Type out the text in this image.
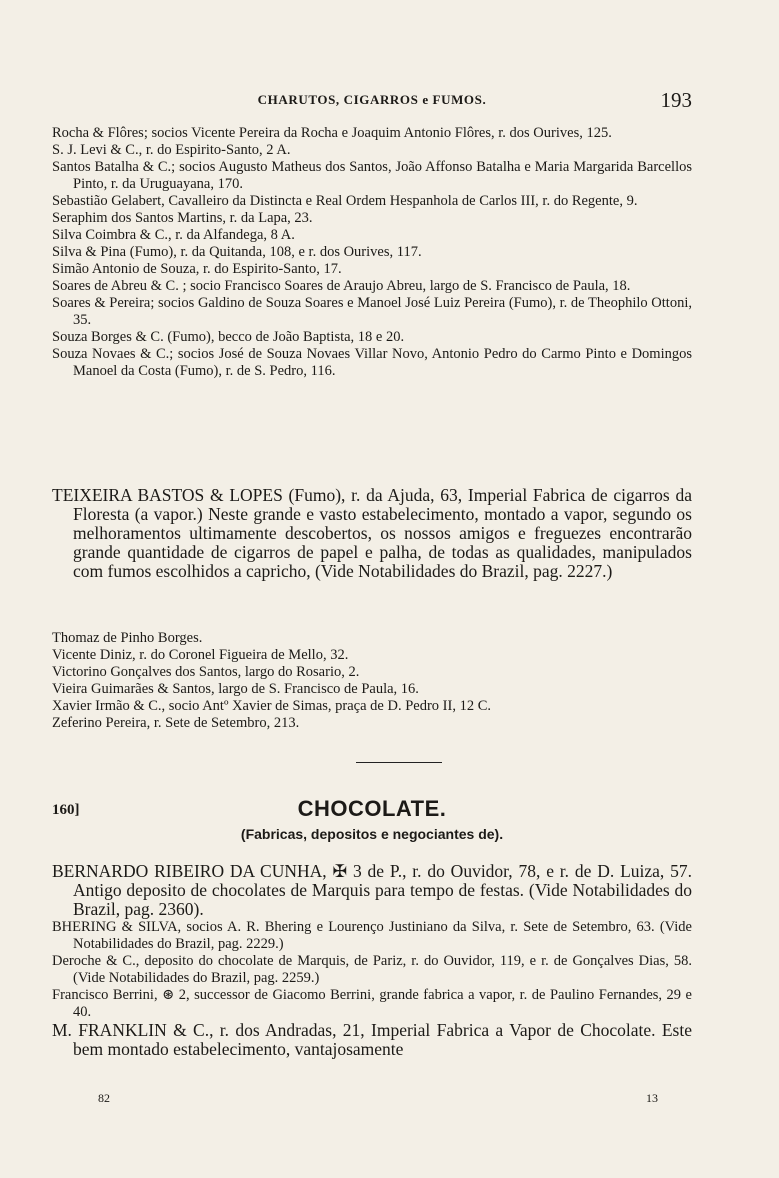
CHARUTOS, CIGARROS e FUMOS.	193
Rocha & Flôres; socios Vicente Pereira da Rocha e Joaquim Antonio Flôres, r. dos Ourives, 125.
S. J. Levi & C., r. do Espirito-Santo, 2 A.
Santos Batalha & C.; socios Augusto Matheus dos Santos, João Affonso Batalha e Maria Margarida Barcellos Pinto, r. da Uruguayana, 170.
Sebastião Gelabert, Cavalleiro da Distincta e Real Ordem Hespanhola de Carlos III, r. do Regente, 9.
Seraphim dos Santos Martins, r. da Lapa, 23.
Silva Coimbra & C., r. da Alfandega, 8 A.
Silva & Pina (Fumo), r. da Quitanda, 108, e r. dos Ourives, 117.
Simão Antonio de Souza, r. do Espirito-Santo, 17.
Soares de Abreu & C. ; socio Francisco Soares de Araujo Abreu, largo de S. Francisco de Paula, 18.
Soares & Pereira; socios Galdino de Souza Soares e Manoel José Luiz Pereira (Fumo), r. de Theophilo Ottoni, 35.
Souza Borges & C. (Fumo), becco de João Baptista, 18 e 20.
Souza Novaes & C.; socios José de Souza Novaes Villar Novo, Antonio Pedro do Carmo Pinto e Domingos Manoel da Costa (Fumo), r. de S. Pedro, 116.
TEIXEIRA BASTOS & LOPES (Fumo), r. da Ajuda, 63, Imperial Fabrica de cigarros da Floresta (a vapor.) Neste grande e vasto estabelecimento, montado a vapor, segundo os melhoramentos ultimamente descobertos, os nossos amigos e freguezes encontrarão grande quantidade de cigarros de papel e palha, de todas as qualidades, manipulados com fumos escolhidos a capricho, (Vide Notabilidades do Brazil, pag. 2227.)
Thomaz de Pinho Borges.
Vicente Diniz, r. do Coronel Figueira de Mello, 32.
Victorino Gonçalves dos Santos, largo do Rosario, 2.
Vieira Guimarães & Santos, largo de S. Francisco de Paula, 16.
Xavier Irmão & C., socio Antº Xavier de Simas, praça de D. Pedro II, 12 C.
Zeferino Pereira, r. Sete de Setembro, 213.
160]	CHOCOLATE.
(Fabricas, depositos e negociantes de).
BERNARDO RIBEIRO DA CUNHA, ✠ 3 de P., r. do Ouvidor, 78, e r. de D. Luiza, 57. Antigo deposito de chocolates de Marquis para tempo de festas. (Vide Notabilidades do Brazil, pag. 2360).
BHERING & SILVA, socios A. R. Bhering e Lourenço Justiniano da Silva, r. Sete de Setembro, 63. (Vide Notabilidades do Brazil, pag. 2229.)
Deroche & C., deposito do chocolate de Marquis, de Pariz, r. do Ouvidor, 119, e r. de Gonçalves Dias, 58. (Vide Notabilidades do Brazil, pag. 2259.)
Francisco Berrini, ⊛ 2, successor de Giacomo Berrini, grande fabrica a vapor, r. de Paulino Fernandes, 29 e 40.
M. FRANKLIN & C., r. dos Andradas, 21, Imperial Fabrica a Vapor de Chocolate. Este bem montado estabelecimento, vantajosamente
82	13
